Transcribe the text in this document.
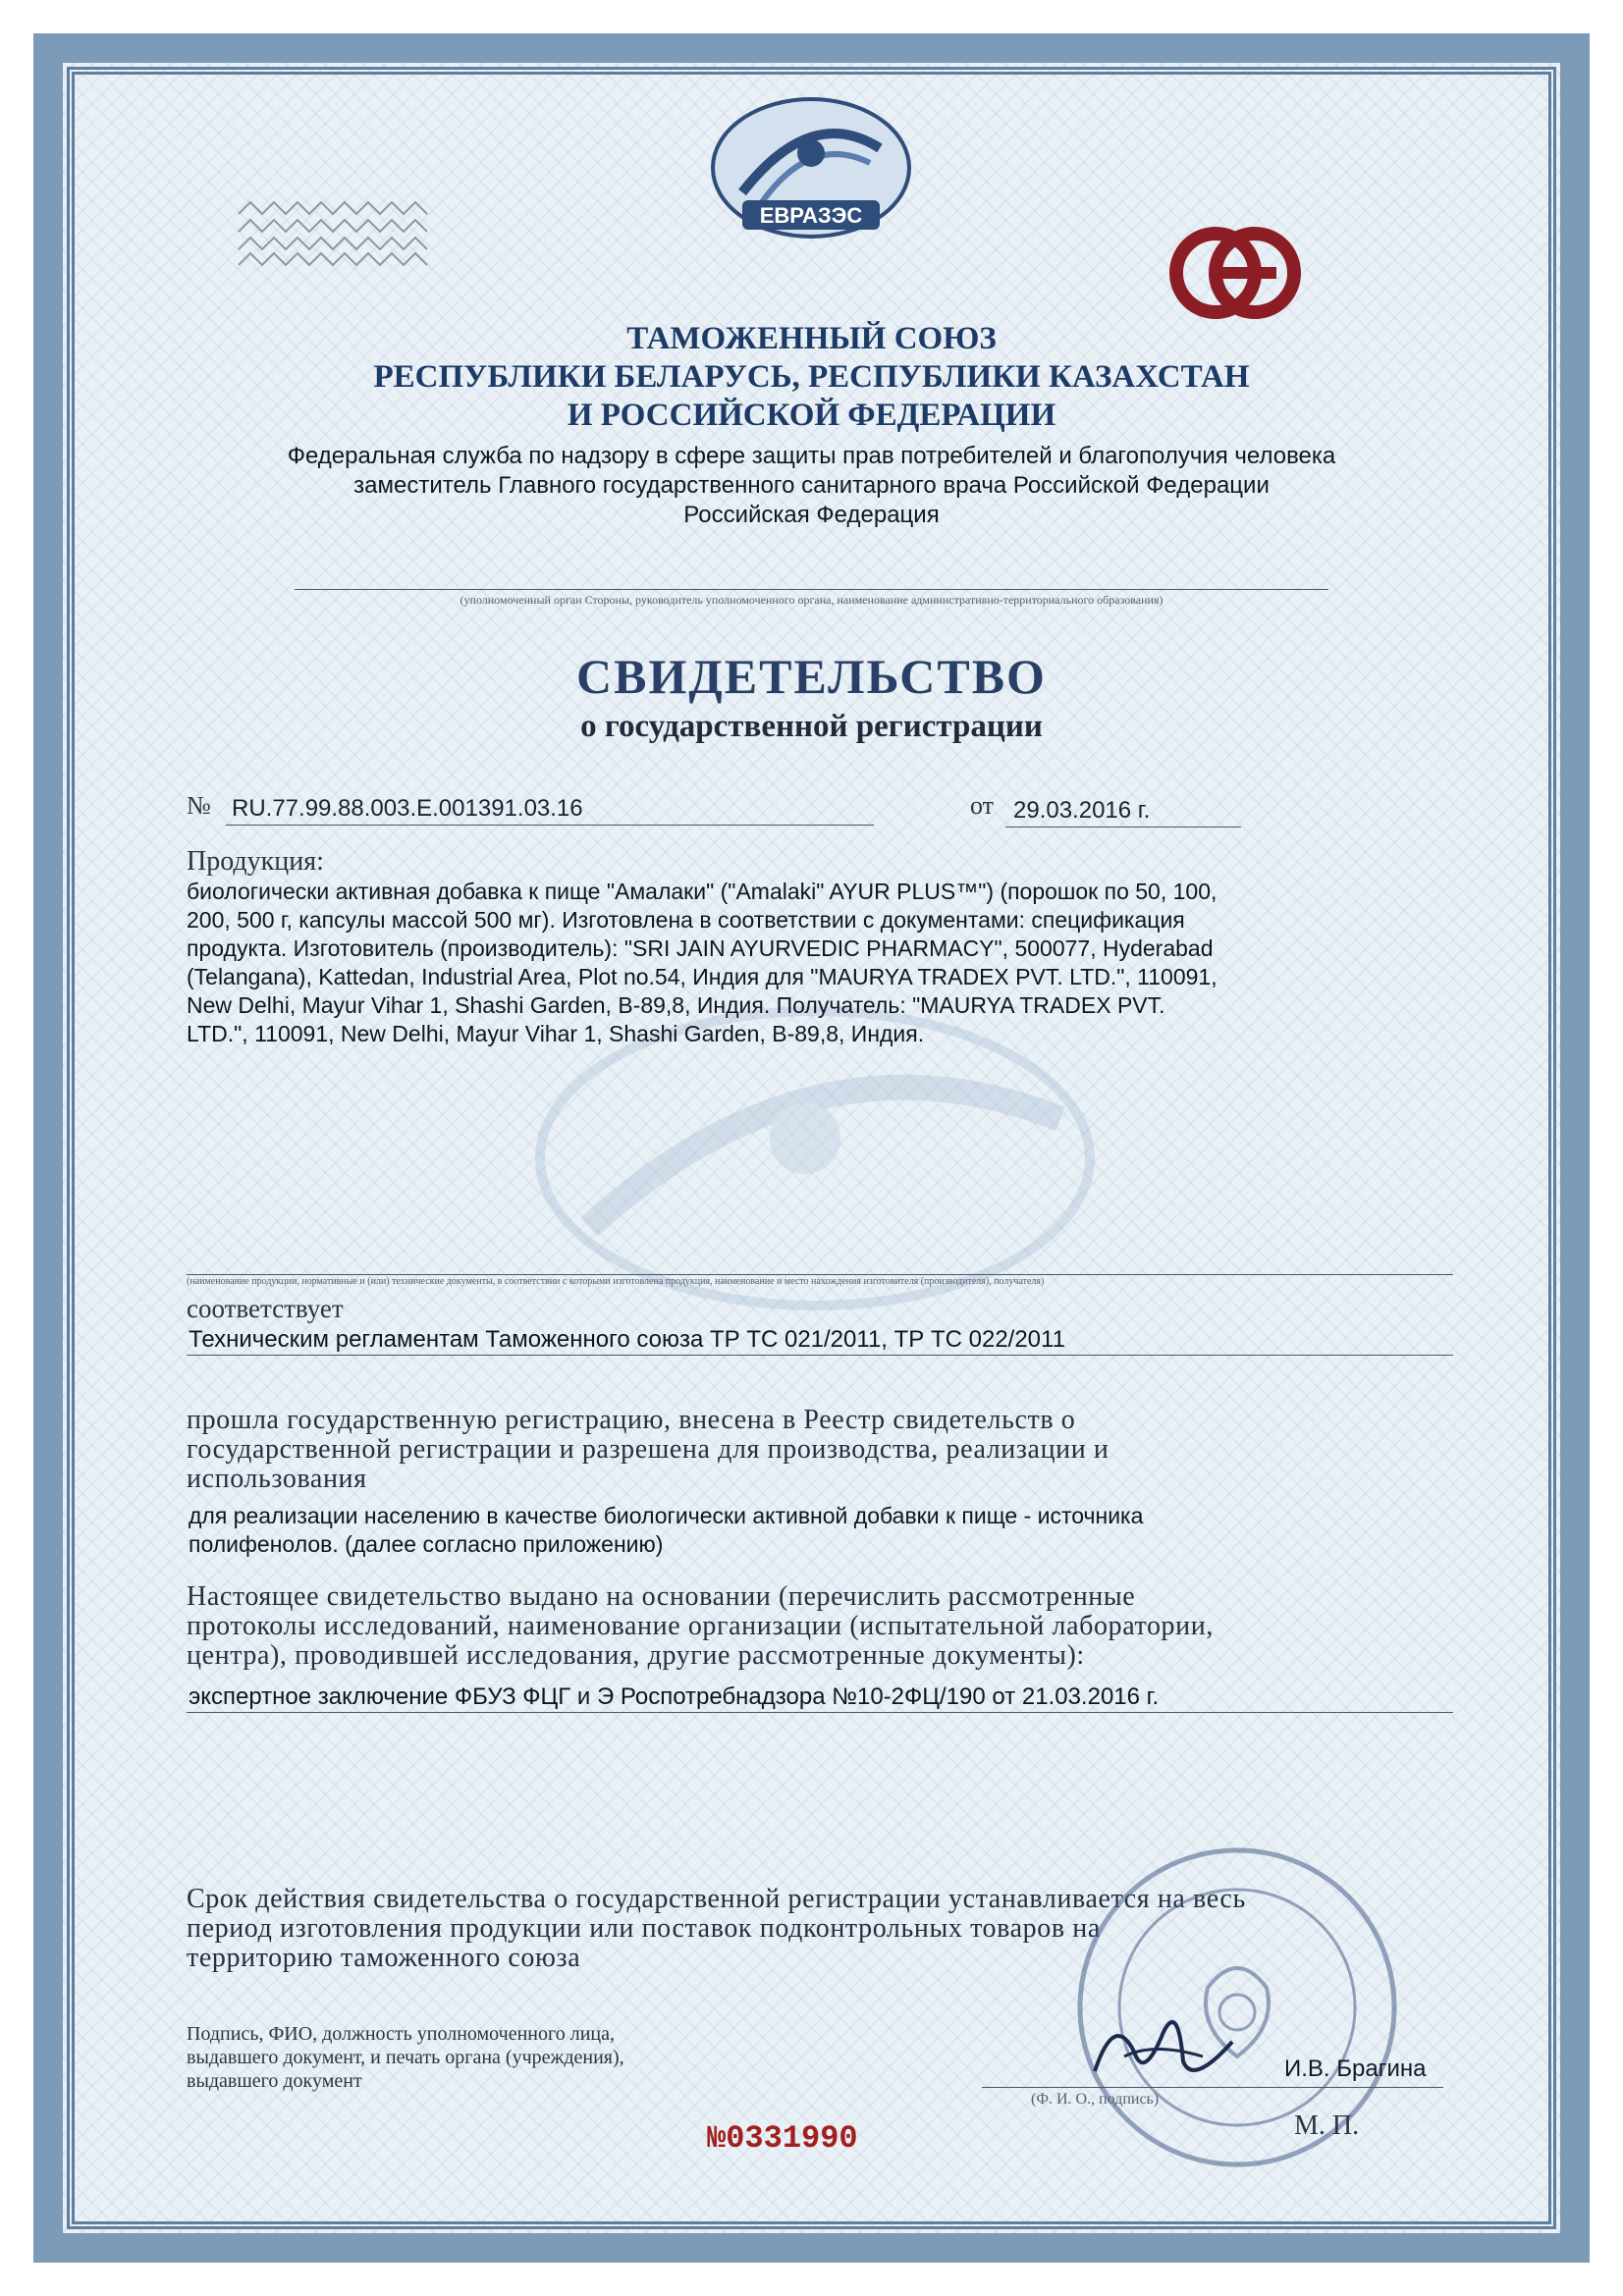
ЕВРАЗЭС
ТАМОЖЕННЫЙ СОЮЗ
РЕСПУБЛИКИ БЕЛАРУСЬ, РЕСПУБЛИКИ КАЗАХСТАН
И РОССИЙСКОЙ ФЕДЕРАЦИИ
Федеральная служба по надзору в сфере защиты прав потребителей и благополучия человека
заместитель Главного государственного санитарного врача Российской Федерации
Российская Федерация
(уполномоченный орган Стороны, руководитель уполномоченного органа, наименование административно-территориального образования)
СВИДЕТЕЛЬСТВО
о государственной регистрации
№ RU.77.99.88.003.E.001391.03.16	от 29.03.2016 г.
Продукция:
биологически активная добавка к пище "Амалаки" ("Amalaki" AYUR PLUS™") (порошок по 50, 100,
200, 500 г, капсулы массой 500 мг). Изготовлена в соответствии с документами: спецификация
продукта. Изготовитель (производитель): "SRI JAIN AYURVEDIC PHARMACY", 500077, Hyderabad
(Telangana), Kattedan, Industrial Area, Plot no.54, Индия для "MAURYA TRADEX PVT. LTD.", 110091,
New Delhi, Mayur Vihar 1, Shashi Garden, B-89,8, Индия. Получатель: "MAURYA TRADEX PVT.
LTD.", 110091, New Delhi, Mayur Vihar 1, Shashi Garden, B-89,8, Индия.
(наименование продукции, нормативные и (или) технические документы, в соответствии с которыми изготовлена продукция, наименование и место нахождения изготовителя (производителя), получателя)
соответствует
Техническим регламентам Таможенного союза ТР ТС 021/2011, ТР ТС 022/2011
прошла государственную регистрацию, внесена в Реестр свидетельств о
государственной регистрации и разрешена для производства, реализации и
использования
для реализации населению в качестве биологически активной добавки к пище - источника
полифенолов. (далее согласно приложению)
Настоящее свидетельство выдано на основании (перечислить рассмотренные
протоколы исследований, наименование организации (испытательной лаборатории,
центра), проводившей исследования, другие рассмотренные документы):
экспертное заключение ФБУЗ ФЦГ и Э Роспотребнадзора №10-2ФЦ/190 от 21.03.2016 г.
Срок действия свидетельства о государственной регистрации устанавливается на весь
период изготовления продукции или поставок подконтрольных товаров на
территорию таможенного союза
Подпись, ФИО, должность уполномоченного лица,
выдавшего документ, и печать органа (учреждения),
выдавшего документ	И.В. Брагина
(Ф. И. О., подпись)
М. П.
№0331990
